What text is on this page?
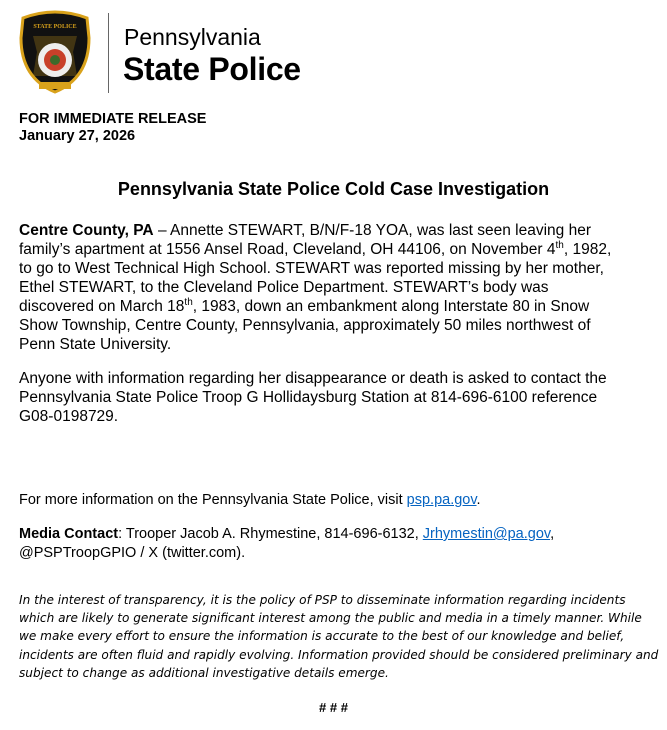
STATE POLICE Pennsylvania
State Police
FOR IMMEDIATE RELEASE
January 27, 2026
Pennsylvania State Police Cold Case Investigation
Centre County, PA – Annette STEWART, B/N/F-18 YOA, was last seen leaving her
family’s apartment at 1556 Ansel Road, Cleveland, OH 44106, on November 4th, 1982,
to go to West Technical High School. STEWART was reported missing by her mother,
Ethel STEWART, to the Cleveland Police Department. STEWART’s body was
discovered on March 18th, 1983, down an embankment along Interstate 80 in Snow
Show Township, Centre County, Pennsylvania, approximately 50 miles northwest of
Penn State University.
Anyone with information regarding her disappearance or death is asked to contact the
Pennsylvania State Police Troop G Hollidaysburg Station at 814-696-6100 reference
G08-0198729.
For more information on the Pennsylvania State Police, visit psp.pa.gov.
Media Contact: Trooper Jacob A. Rhymestine, 814-696-6132, Jrhymestin@pa.gov,
@PSPTroopGPIO / X (twitter.com).
In the interest of transparency, it is the policy of PSP to disseminate information regarding incidents
which are likely to generate significant interest among the public and media in a timely manner. While
we make every effort to ensure the information is accurate to the best of our knowledge and belief,
incidents are often fluid and rapidly evolving. Information provided should be considered preliminary and
subject to change as additional investigative details emerge.
# # #
